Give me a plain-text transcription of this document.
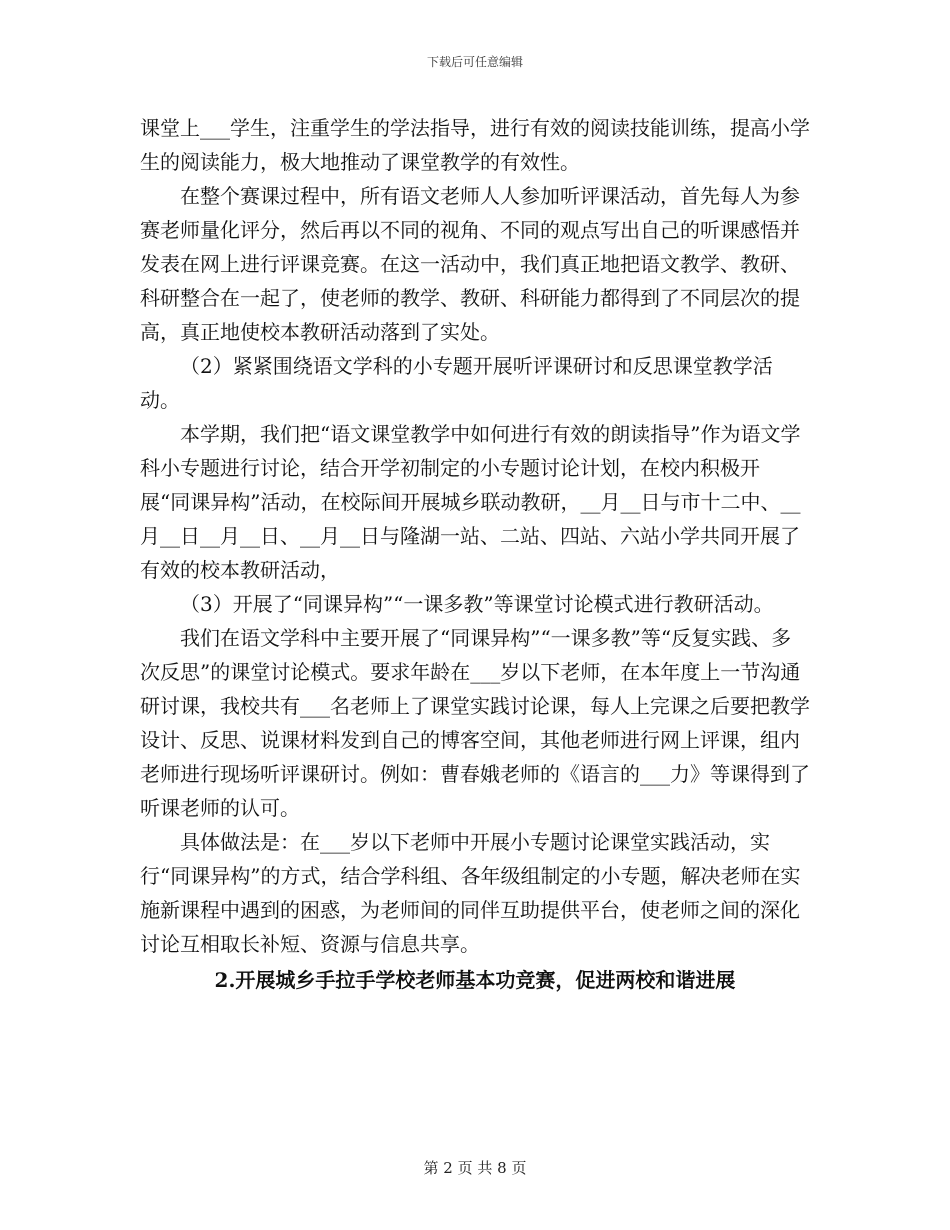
下载后可任意编辑

课堂上___学生，注重学生的学法指导，进行有效的阅读技能训练，提高小学生的阅读能力，极大地推动了课堂教学的有效性。

在整个赛课过程中，所有语文老师人人参加听评课活动，首先每人为参赛老师量化评分，然后再以不同的视角、不同的观点写出自己的听课感悟并发表在网上进行评课竞赛。在这一活动中，我们真正地把语文教学、教研、科研整合在一起了，使老师的教学、教研、科研能力都得到了不同层次的提高，真正地使校本教研活动落到了实处。

（2）紧紧围绕语文学科的小专题开展听评课研讨和反思课堂教学活动。

本学期，我们把“语文课堂教学中如何进行有效的朗读指导”作为语文学科小专题进行讨论，结合开学初制定的小专题讨论计划，在校内积极开展“同课异构”活动，在校际间开展城乡联动教研，__月__日与市十二中、__月__日__月__日、__月__日与隆湖一站、二站、四站、六站小学共同开展了有效的校本教研活动，

（3）开展了“同课异构”“一课多教”等课堂讨论模式进行教研活动。

我们在语文学科中主要开展了“同课异构”“一课多教”等“反复实践、多次反思”的课堂讨论模式。要求年龄在___岁以下老师，在本年度上一节沟通研讨课，我校共有___名老师上了课堂实践讨论课，每人上完课之后要把教学设计、反思、说课材料发到自己的博客空间，其他老师进行网上评课，组内老师进行现场听评课研讨。例如：曹春娥老师的《语言的___力》等课得到了听课老师的认可。

具体做法是：在___岁以下老师中开展小专题讨论课堂实践活动，实行“同课异构”的方式，结合学科组、各年级组制定的小专题，解决老师在实施新课程中遇到的困惑，为老师间的同伴互助提供平台，使老师之间的深化讨论互相取长补短、资源与信息共享。

2.开展城乡手拉手学校老师基本功竞赛，促进两校和谐进展

第 2 页 共 8 页
